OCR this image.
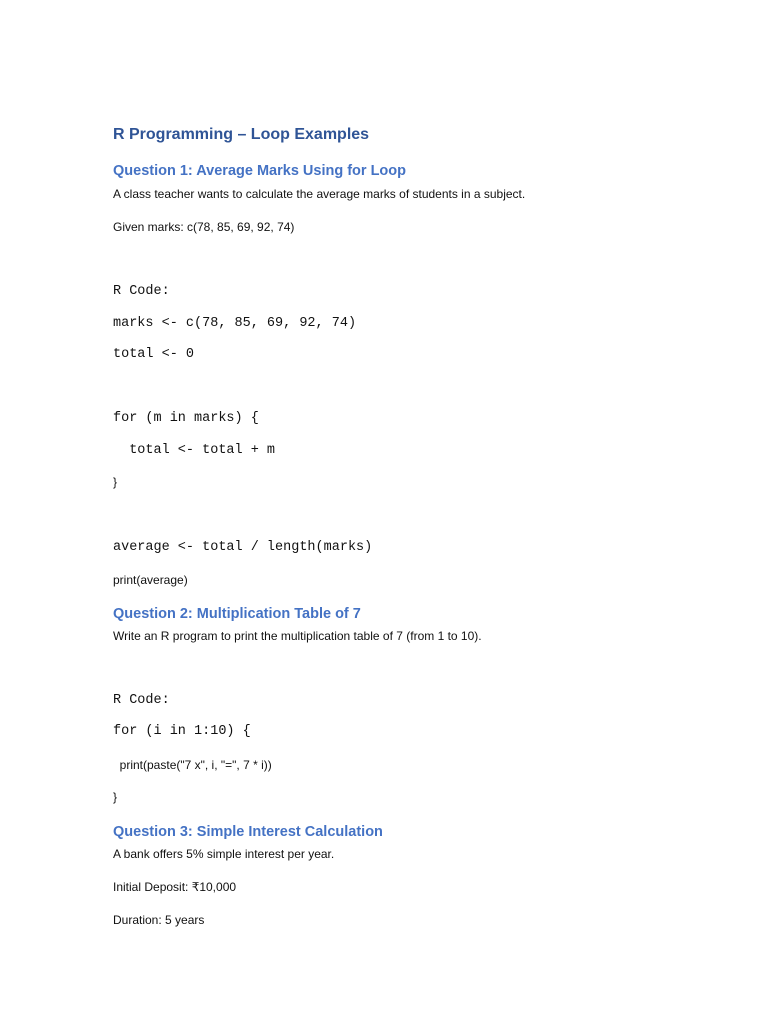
R Programming – Loop Examples
Question 1: Average Marks Using for Loop
A class teacher wants to calculate the average marks of students in a subject.
Given marks: c(78, 85, 69, 92, 74)
R Code:
marks <- c(78, 85, 69, 92, 74)
total <- 0
for (m in marks) {
total <- total + m
}
average <- total / length(marks)
print(average)
Question 2: Multiplication Table of 7
Write an R program to print the multiplication table of 7 (from 1 to 10).
R Code:
for (i in 1:10) {
print(paste("7 x", i, "=", 7 * i))
}
Question 3: Simple Interest Calculation
A bank offers 5% simple interest per year.
Initial Deposit: ₹10,000
Duration: 5 years
